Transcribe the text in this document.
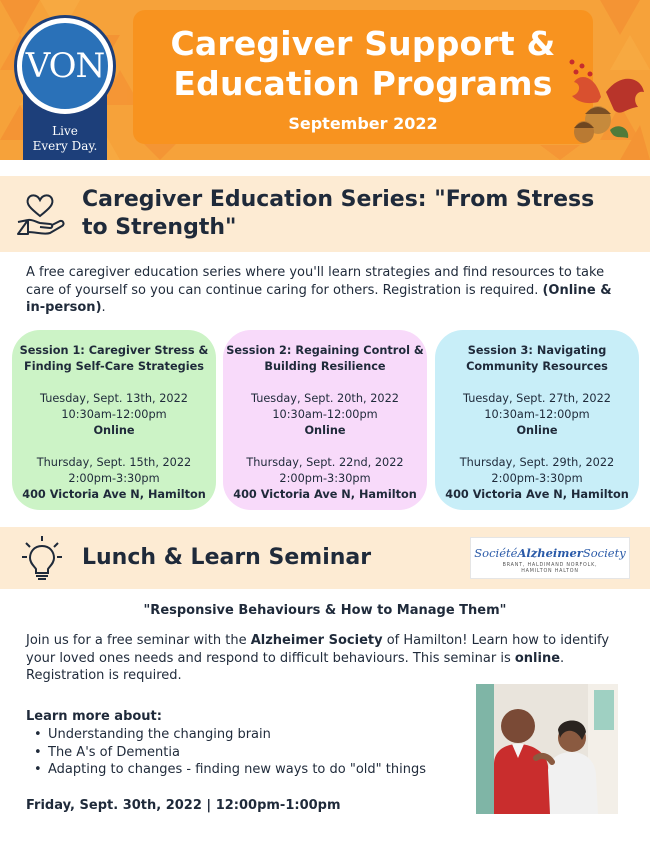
Caregiver Support &
Education Programs
September 2022
VON
Live
Every Day.
Caregiver Education Series: "From Stress
to Strength"
A free caregiver education series where you'll learn strategies and find resources to take care of yourself so you can continue caring for others. Registration is required. (Online & in-person).
Session 1: Caregiver Stress &
Finding Self-Care Strategies
Tuesday, Sept. 13th, 2022
10:30am-12:00pm
Online
Thursday, Sept. 15th, 2022
2:00pm-3:30pm
400 Victoria Ave N, Hamilton
Session 2: Regaining Control &
Building Resilience
Tuesday, Sept. 20th, 2022
10:30am-12:00pm
Online
Thursday, Sept. 22nd, 2022
2:00pm-3:30pm
400 Victoria Ave N, Hamilton
Session 3: Navigating
Community Resources
Tuesday, Sept. 27th, 2022
10:30am-12:00pm
Online
Thursday, Sept. 29th, 2022
2:00pm-3:30pm
400 Victoria Ave N, Hamilton
Lunch & Learn Seminar	SociétéAlzheimerSociety
BRANT, HALDIMAND NORFOLK,
HAMILTON HALTON
"Responsive Behaviours & How to Manage Them"
Join us for a free seminar with the Alzheimer Society of Hamilton! Learn how to identify your loved ones needs and respond to difficult behaviours. This seminar is online. Registration is required.
Learn more about:
• Understanding the changing brain
• The A's of Dementia
• Adapting to changes - finding new ways to do "old" things
Friday, Sept. 30th, 2022 | 12:00pm-1:00pm
